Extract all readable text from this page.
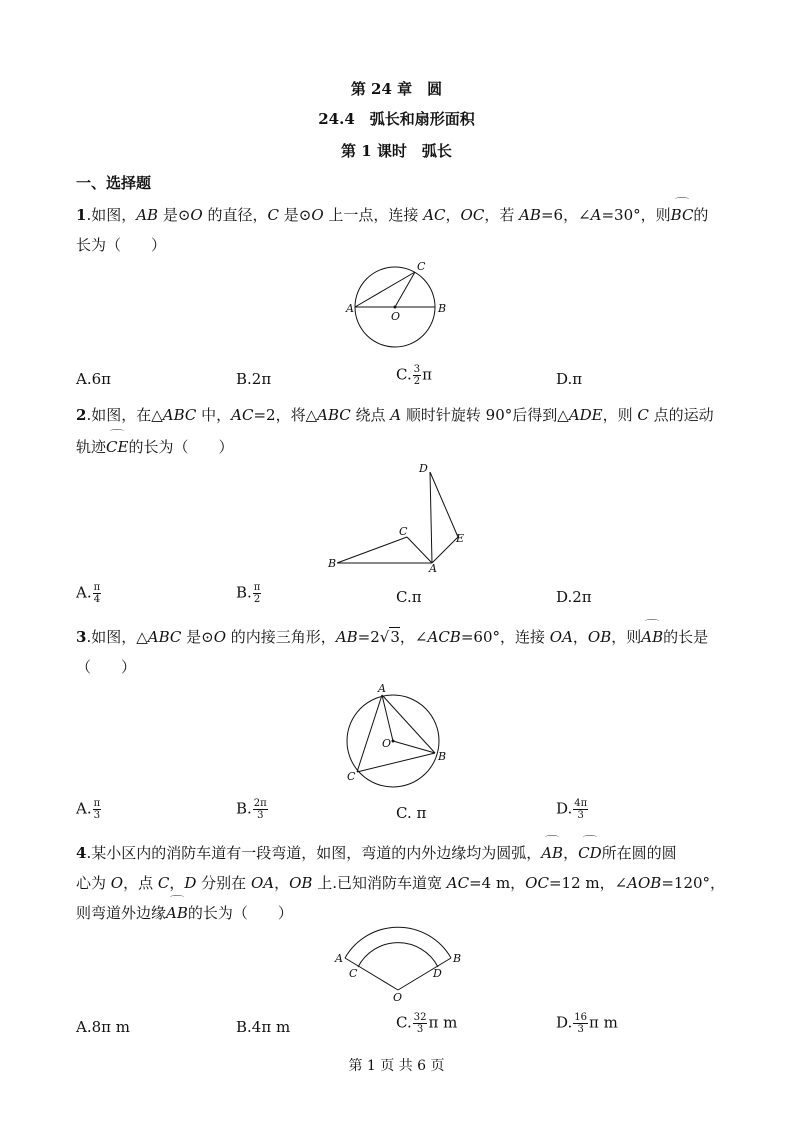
第 24 章　圆
24.4　弧长和扇形面积
第 1 课时　弧长
一、选择题
1.如图，AB 是⊙O 的直径，C 是⊙O 上一点，连接 AC，OC，若 AB=6，∠A=30°，则⌒ BC的
长为（　　）
A	B
C
O
A.6π	B.2π	C. $\frac{3}{2}$ π	D.π
2.如图，在△ABC 中，AC=2，将△ABC 绕点 A 顺时针旋转 90°后得到△ADE，则 C 点的运动
轨迹⌒ CE的长为（　　）
B
C
A
D
E
A. $\frac{\pi}{4}$	B. $\frac{\pi}{2}$	C.π	D.2π
3.如图，△ABC 是⊙O 的内接三角形，AB=2√3，∠ACB=60°，连接 OA，OB，则⌒ AB的长是
（　　）
A
B
C
O
A. $\frac{\pi}{3}$	B. $\frac{2\pi}{3}$	C. π	D. $\frac{4\pi}{3}$
4.某小区内的消防车道有一段弯道，如图，弯道的内外边缘均为圆弧，⌒ AB，⌒ CD所在圆的圆
心为 O，点 C，D 分别在 OA，OB 上.已知消防车道宽 AC=4 m，OC=12 m，∠AOB=120°，
则弯道外边缘⌒ AB的长为（　　）
A	B
C	D
O
A.8π m	B.4π m	C. $\frac{32}{3}$ π m	D. $\frac{16}{3}$ π m
第 1 页 共 6 页
